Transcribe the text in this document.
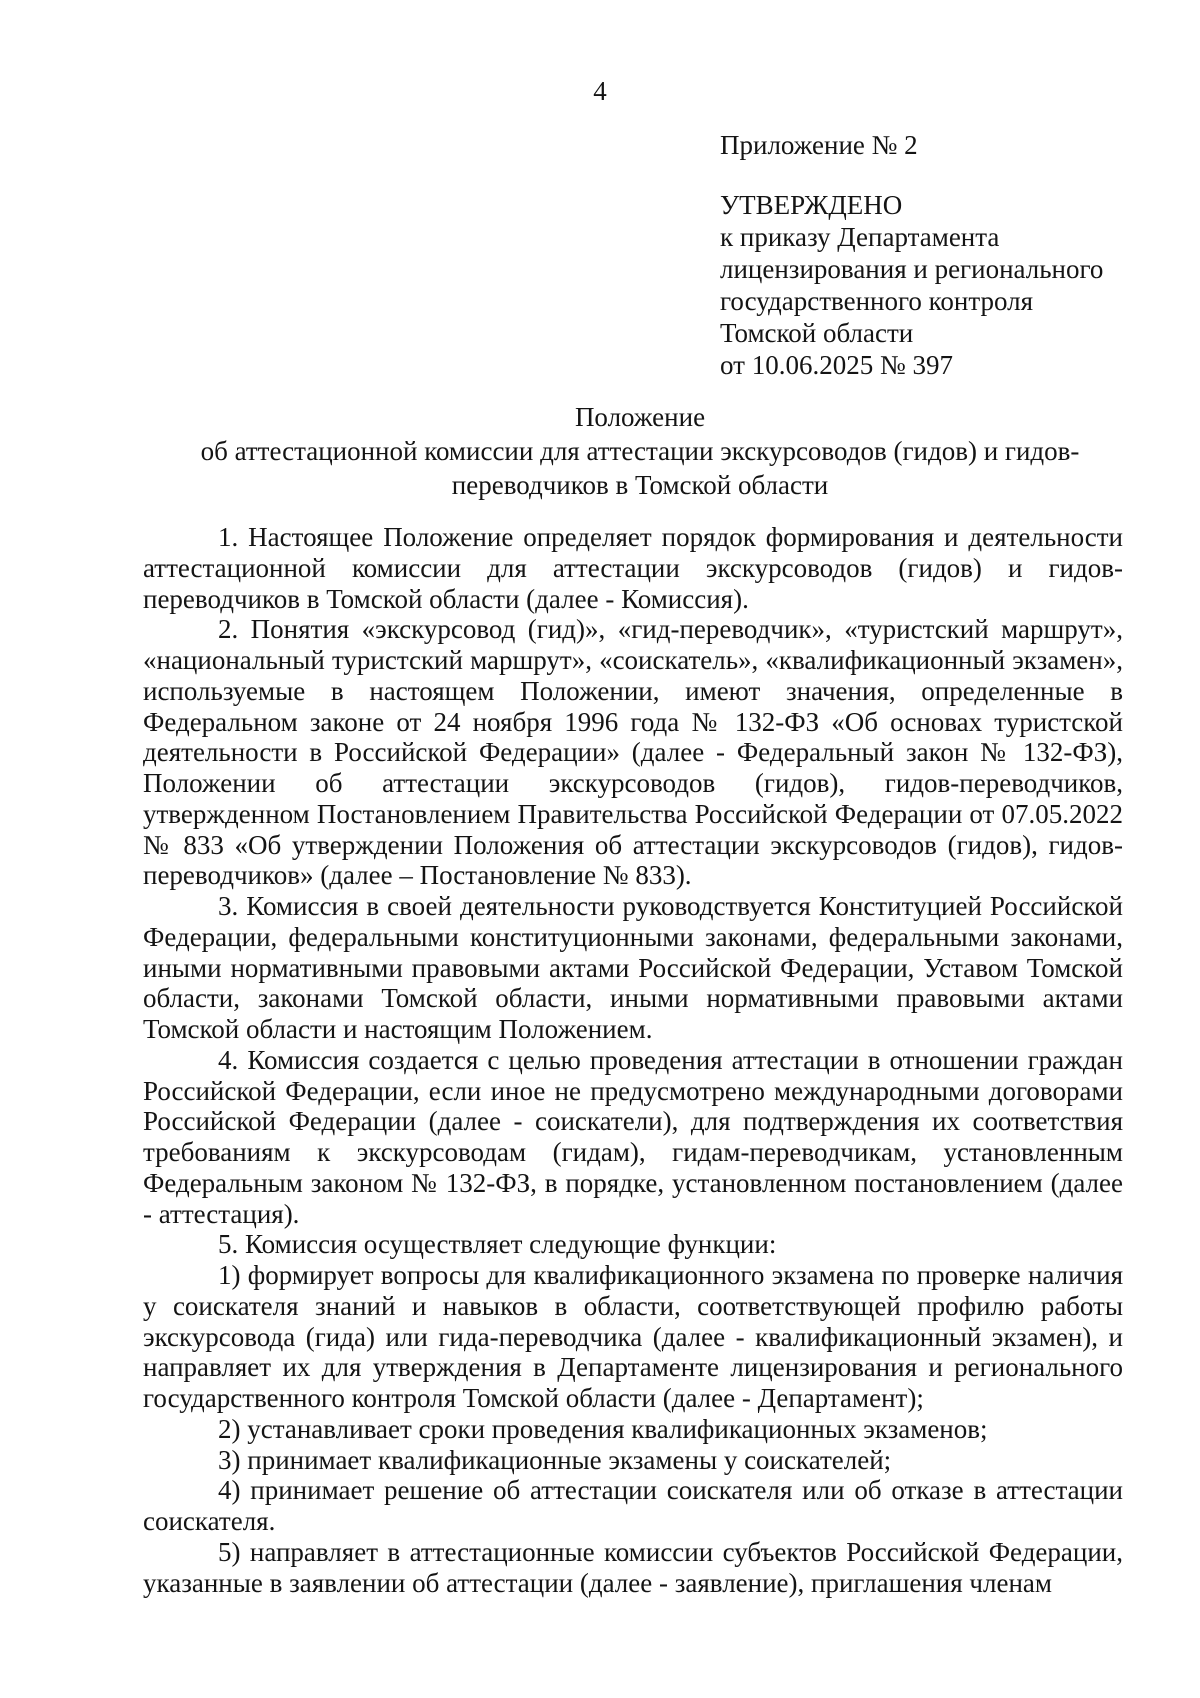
4
Приложение № 2
УТВЕРЖДЕНО
к приказу Департамента
лицензирования и регионального
государственного контроля
Томской области
от 10.06.2025 № 397
Положение
об аттестационной комиссии для аттестации экскурсоводов (гидов) и гидов-
переводчиков в Томской области

1. Настоящее Положение определяет порядок формирования и деятельности аттестационной комиссии для аттестации экскурсоводов (гидов) и гидов-переводчиков в Томской области (далее - Комиссия).

2. Понятия «экскурсовод (гид)», «гид-переводчик», «туристский маршрут», «национальный туристский маршрут», «соискатель», «квалификационный экзамен», используемые в настоящем Положении, имеют значения, определенные в Федеральном законе от 24 ноября 1996 года № 132-ФЗ «Об основах туристской деятельности в Российской Федерации» (далее - Федеральный закон № 132-ФЗ), Положении об аттестации экскурсоводов (гидов), гидов-переводчиков, утвержденном Постановлением Правительства Российской Федерации от 07.05.2022 № 833 «Об утверждении Положения об аттестации экскурсоводов (гидов), гидов-переводчиков» (далее – Постановление № 833).

3. Комиссия в своей деятельности руководствуется Конституцией Российской Федерации, федеральными конституционными законами, федеральными законами, иными нормативными правовыми актами Российской Федерации, Уставом Томской области, законами Томской области, иными нормативными правовыми актами Томской области и настоящим Положением.

4. Комиссия создается с целью проведения аттестации в отношении граждан Российской Федерации, если иное не предусмотрено международными договорами Российской Федерации (далее - соискатели), для подтверждения их соответствия требованиям к экскурсоводам (гидам), гидам-переводчикам, установленным Федеральным законом № 132-ФЗ, в порядке, установленном постановлением (далее - аттестация).

5. Комиссия осуществляет следующие функции:

1) формирует вопросы для квалификационного экзамена по проверке наличия у соискателя знаний и навыков в области, соответствующей профилю работы экскурсовода (гида) или гида-переводчика (далее - квалификационный экзамен), и направляет их для утверждения в Департаменте лицензирования и регионального государственного контроля Томской области (далее - Департамент);

2) устанавливает сроки проведения квалификационных экзаменов;

3) принимает квалификационные экзамены у соискателей;

4) принимает решение об аттестации соискателя или об отказе в аттестации соискателя.

5) направляет в аттестационные комиссии субъектов Российской Федерации, указанные в заявлении об аттестации (далее - заявление), приглашения членам
